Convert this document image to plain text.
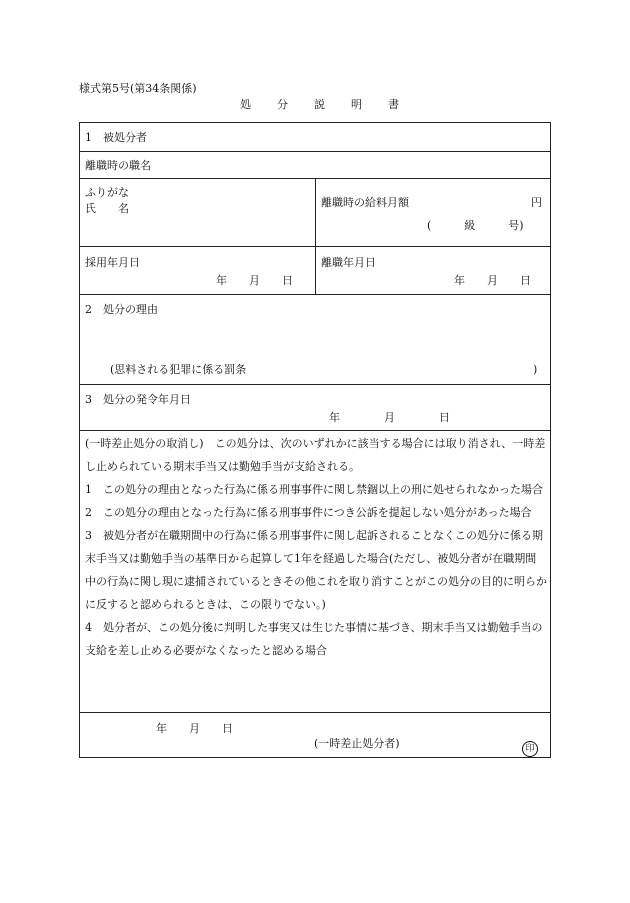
様式第5号(第34条関係)
処 分 説 明 書
1　被処分者
離職時の職名
ふりがな
氏　　名	離職時の給料月額	円
(　　　級　　　号)
採用年月日
年　　月　　日
離職年月日
年　　月　　日
2　処分の理由
(思料される犯罪に係る罰条	)
3　処分の発令年月日
年　　　　月　　　　日

(一時差止処分の取消し)　この処分は、次のいずれかに該当する場合には取り消され、一時差し止められている期末手当又は勤勉手当が支給される。

1　この処分の理由となった行為に係る刑事事件に関し禁錮以上の刑に処せられなかった場合

2　この処分の理由となった行為に係る刑事事件につき公訴を提起しない処分があった場合

3　被処分者が在職期間中の行為に係る刑事事件に関し起訴されることなくこの処分に係る期末手当又は勤勉手当の基準日から起算して1年を経過した場合(ただし、被処分者が在職期間中の行為に関し現に逮捕されているときその他これを取り消すことがこの処分の目的に明らかに反すると認められるときは、この限りでない。)

4　処分者が、この処分後に判明した事実又は生じた事情に基づき、期末手当又は勤勉手当の支給を差し止める必要がなくなったと認める場合

年　　月　　日
(一時差止処分者)	印
